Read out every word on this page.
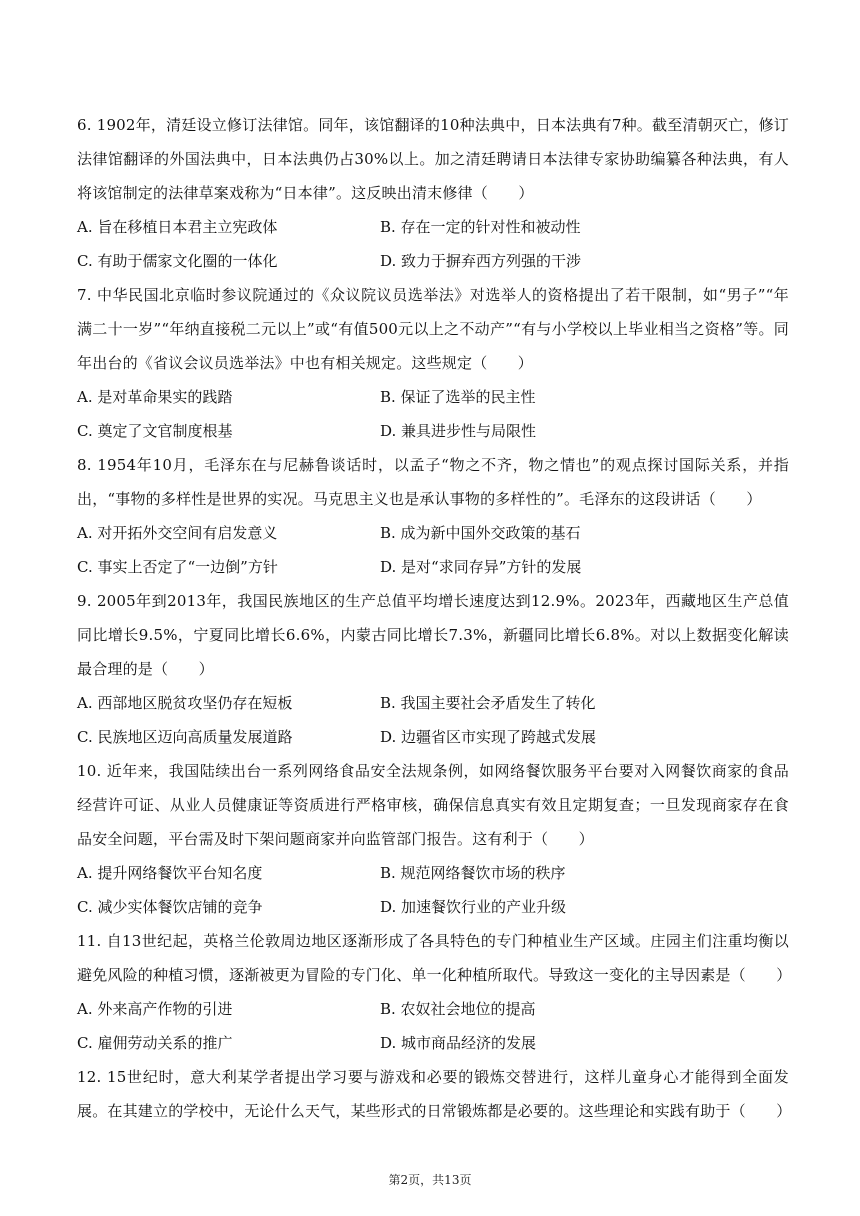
6. 1902年，清廷设立修订法律馆。同年，该馆翻译的10种法典中，日本法典有7种。截至清朝灭亡，修订法律馆翻译的外国法典中，日本法典仍占30%以上。加之清廷聘请日本法律专家协助编纂各种法典，有人将该馆制定的法律草案戏称为“日本律”。这反映出清末修律（　　）

A. 旨在移植日本君主立宪政体	B. 存在一定的针对性和被动性
C. 有助于儒家文化圈的一体化	D. 致力于摒弃西方列强的干涉

7. 中华民国北京临时参议院通过的《众议院议员选举法》对选举人的资格提出了若干限制，如“男子”“年满二十一岁”“年纳直接税二元以上”或“有值500元以上之不动产”“有与小学校以上毕业相当之资格”等。同年出台的《省议会议员选举法》中也有相关规定。这些规定（　　）

A. 是对革命果实的践踏	B. 保证了选举的民主性
C. 奠定了文官制度根基	D. 兼具进步性与局限性

8. 1954年10月，毛泽东在与尼赫鲁谈话时，以孟子“物之不齐，物之情也”的观点探讨国际关系，并指出，“事物的多样性是世界的实况。马克思主义也是承认事物的多样性的”。毛泽东的这段讲话（　　）

A. 对开拓外交空间有启发意义	B. 成为新中国外交政策的基石
C. 事实上否定了“一边倒”方针	D. 是对“求同存异”方针的发展

9. 2005年到2013年，我国民族地区的生产总值平均增长速度达到12.9%。2023年，西藏地区生产总值同比增长9.5%，宁夏同比增长6.6%，内蒙古同比增长7.3%，新疆同比增长6.8%。对以上数据变化解读最合理的是（　　）

A. 西部地区脱贫攻坚仍存在短板	B. 我国主要社会矛盾发生了转化
C. 民族地区迈向高质量发展道路	D. 边疆省区市实现了跨越式发展

10. 近年来，我国陆续出台一系列网络食品安全法规条例，如网络餐饮服务平台要对入网餐饮商家的食品经营许可证、从业人员健康证等资质进行严格审核，确保信息真实有效且定期复查；一旦发现商家存在食品安全问题，平台需及时下架问题商家并向监管部门报告。这有利于（　　）

A. 提升网络餐饮平台知名度	B. 规范网络餐饮市场的秩序
C. 减少实体餐饮店铺的竞争	D. 加速餐饮行业的产业升级

11. 自13世纪起，英格兰伦敦周边地区逐渐形成了各具特色的专门种植业生产区域。庄园主们注重均衡以避免风险的种植习惯，逐渐被更为冒险的专门化、单一化种植所取代。导致这一变化的主导因素是（　　）

A. 外来高产作物的引进	B. 农奴社会地位的提高
C. 雇佣劳动关系的推广	D. 城市商品经济的发展

12. 15世纪时，意大利某学者提出学习要与游戏和必要的锻炼交替进行，这样儿童身心才能得到全面发展。在其建立的学校中，无论什么天气，某些形式的日常锻炼都是必要的。这些理论和实践有助于（　　）

第2页，共13页
